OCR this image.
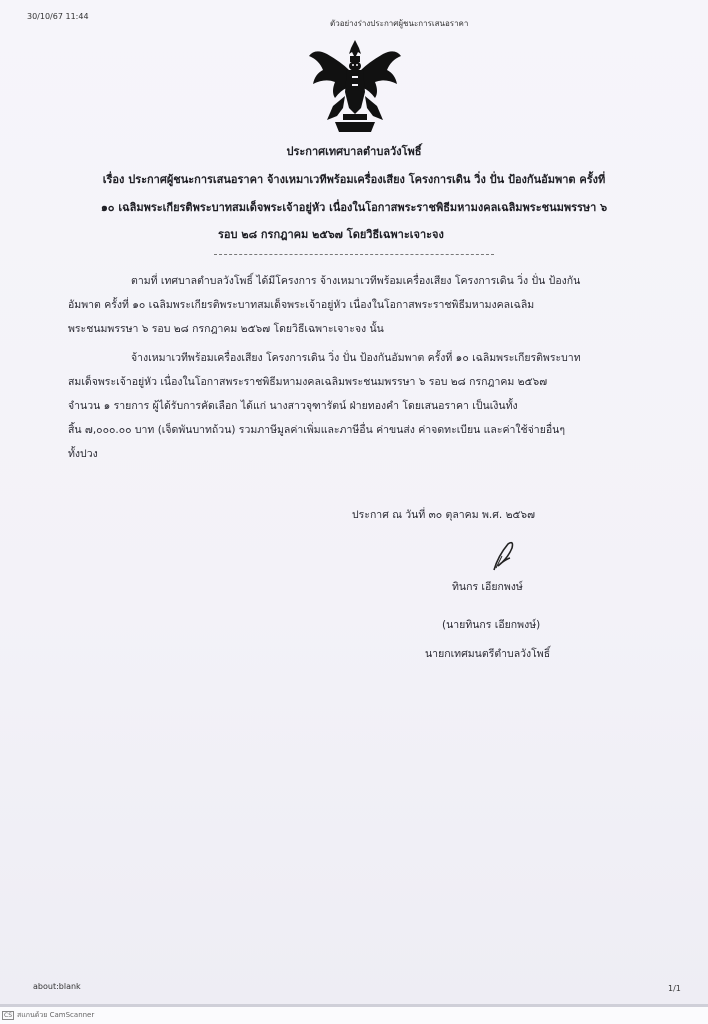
30/10/67 11:44
ตัวอย่างร่างประกาศผู้ชนะการเสนอราคา
ประกาศเทศบาลตำบลวังโพธิ์
เรื่อง ประกาศผู้ชนะการเสนอราคา จ้างเหมาเวทีพร้อมเครื่องเสียง โครงการเดิน วิ่ง ปั่น ป้องกันอัมพาต ครั้งที่
๑๐ เฉลิมพระเกียรติพระบาทสมเด็จพระเจ้าอยู่หัว เนื่องในโอกาสพระราชพิธีมหามงคลเฉลิมพระชนมพรรษา ๖
รอบ ๒๘ กรกฎาคม ๒๕๖๗ โดยวิธีเฉพาะเจาะจง
ตามที่ เทศบาลตำบลวังโพธิ์ ได้มีโครงการ จ้างเหมาเวทีพร้อมเครื่องเสียง โครงการเดิน วิ่ง ปั่น ป้องกัน
อัมพาต ครั้งที่ ๑๐ เฉลิมพระเกียรติพระบาทสมเด็จพระเจ้าอยู่หัว เนื่องในโอกาสพระราชพิธีมหามงคลเฉลิม
พระชนมพรรษา ๖ รอบ ๒๘ กรกฎาคม ๒๕๖๗ โดยวิธีเฉพาะเจาะจง นั้น
จ้างเหมาเวทีพร้อมเครื่องเสียง โครงการเดิน วิ่ง ปั่น ป้องกันอัมพาต ครั้งที่ ๑๐ เฉลิมพระเกียรติพระบาท
สมเด็จพระเจ้าอยู่หัว เนื่องในโอกาสพระราชพิธีมหามงคลเฉลิมพระชนมพรรษา ๖ รอบ ๒๘ กรกฎาคม ๒๕๖๗
จำนวน ๑ รายการ ผู้ได้รับการคัดเลือก ได้แก่ นางสาวจุฑารัตน์ ฝ่ายทองคำ โดยเสนอราคา เป็นเงินทั้ง
สิ้น ๗,๐๐๐.๐๐ บาท (เจ็ดพันบาทถ้วน) รวมภาษีมูลค่าเพิ่มและภาษีอื่น ค่าขนส่ง ค่าจดทะเบียน และค่าใช้จ่ายอื่นๆ
ทั้งปวง
ประกาศ ณ วันที่ ๓๐ ตุลาคม พ.ศ. ๒๕๖๗
ทินกร เอียกพงษ์
(นายทินกร เอียกพงษ์)
นายกเทศมนตรีตำบลวังโพธิ์
about:blank	1/1
CS สแกนด้วย CamScanner
